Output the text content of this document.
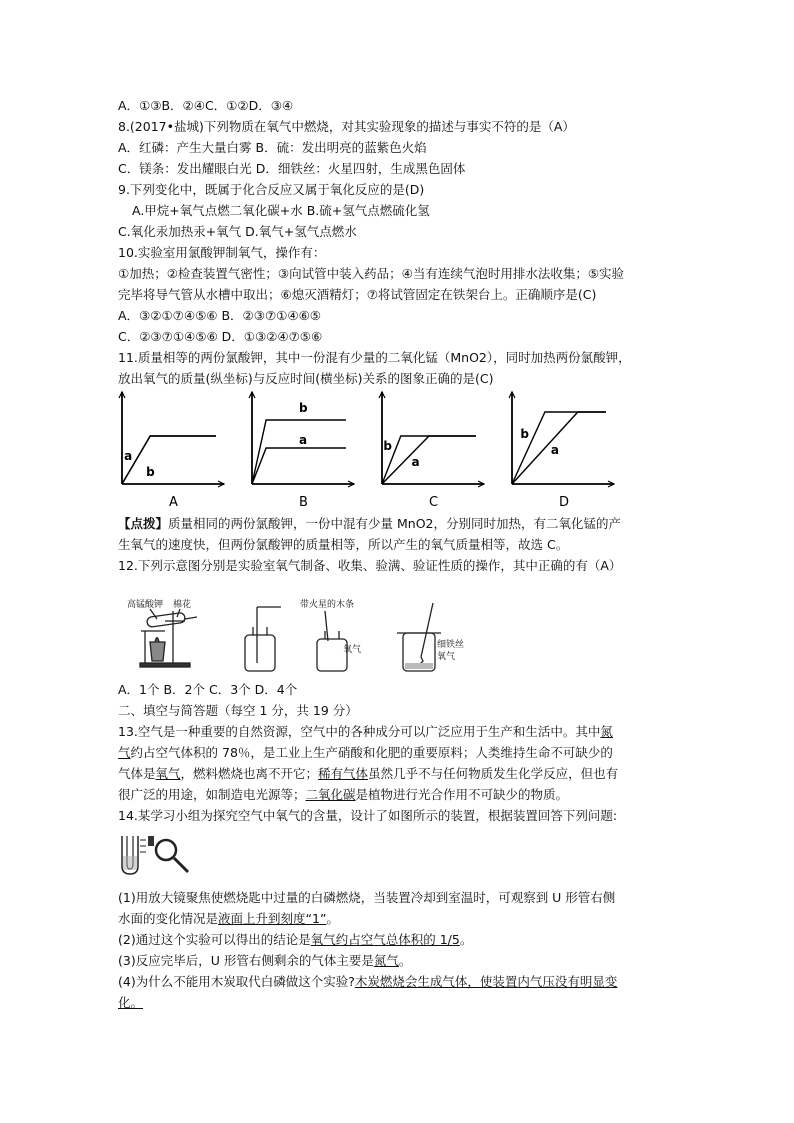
A．①③B．②④C．①②D．③④
8.(2017•盐城)下列物质在氧气中燃烧，对其实验现象的描述与事实不符的是（A）
A．红磷：产生大量白雾 B．硫：发出明亮的蓝紫色火焰
C．镁条：发出耀眼白光 D．细铁丝：火星四射，生成黑色固体
9.下列变化中，既属于化合反应又属于氧化反应的是(D)
A.甲烷+氧气点燃二氧化碳+水 B.硫+氢气点燃硫化氢
C.氧化汞加热汞+氧气 D.氧气+氢气点燃水
10.实验室用氯酸钾制氧气，操作有：
①加热；②检查装置气密性；③向试管中装入药品；④当有连续气泡时用排水法收集；⑤实验
完毕将导气管从水槽中取出；⑥熄灭酒精灯；⑦将试管固定在铁架台上。正确顺序是(C)
A．③②①⑦④⑤⑥ B．②③⑦①④⑥⑤
C．②③⑦①④⑤⑥ D．①③②④⑦⑤⑥
11.质量相等的两份氯酸钾，其中一份混有少量的二氧化锰（MnO2），同时加热两份氯酸钾，
放出氧气的质量(纵坐标)与反应时间(横坐标)关系的图象正确的是(C)
a
b
A
b
a
B
b
a
C
b
a
D
【点拨】质量相同的两份氯酸钾，一份中混有少量 MnO2，分别同时加热，有二氧化锰的产
生氧气的速度快，但两份氯酸钾的质量相等，所以产生的氧气质量相等，故选 C。
12.下列示意图分别是实验室氧气制备、收集、验满、验证性质的操作，其中正确的有（A）
高锰酸钾 棉花	带火星的木条
氧气	细铁丝
氧气
A．1个 B．2个 C．3个 D．4个
二、填空与简答题（每空 1 分，共 19 分）
13.空气是一种重要的自然资源，空气中的各种成分可以广泛应用于生产和生活中。其中氮
气约占空气体积的 78％，是工业上生产硝酸和化肥的重要原料；人类维持生命不可缺少的
气体是氧气，燃料燃烧也离不开它；稀有气体虽然几乎不与任何物质发生化学反应，但也有
很广泛的用途，如制造电光源等；二氧化碳是植物进行光合作用不可缺少的物质。
14.某学习小组为探究空气中氧气的含量，设计了如图所示的装置，根据装置回答下列问题:
(1)用放大镜聚焦使燃烧匙中过量的白磷燃烧，当装置冷却到室温时，可观察到 U 形管右侧
水面的变化情况是液面上升到刻度“1”。
(2)通过这个实验可以得出的结论是氧气约占空气总体积的 1/5。
(3)反应完毕后，U 形管右侧剩余的气体主要是氮气。
(4)为什么不能用木炭取代白磷做这个实验?木炭燃烧会生成气体，使装置内气压没有明显变
化。
